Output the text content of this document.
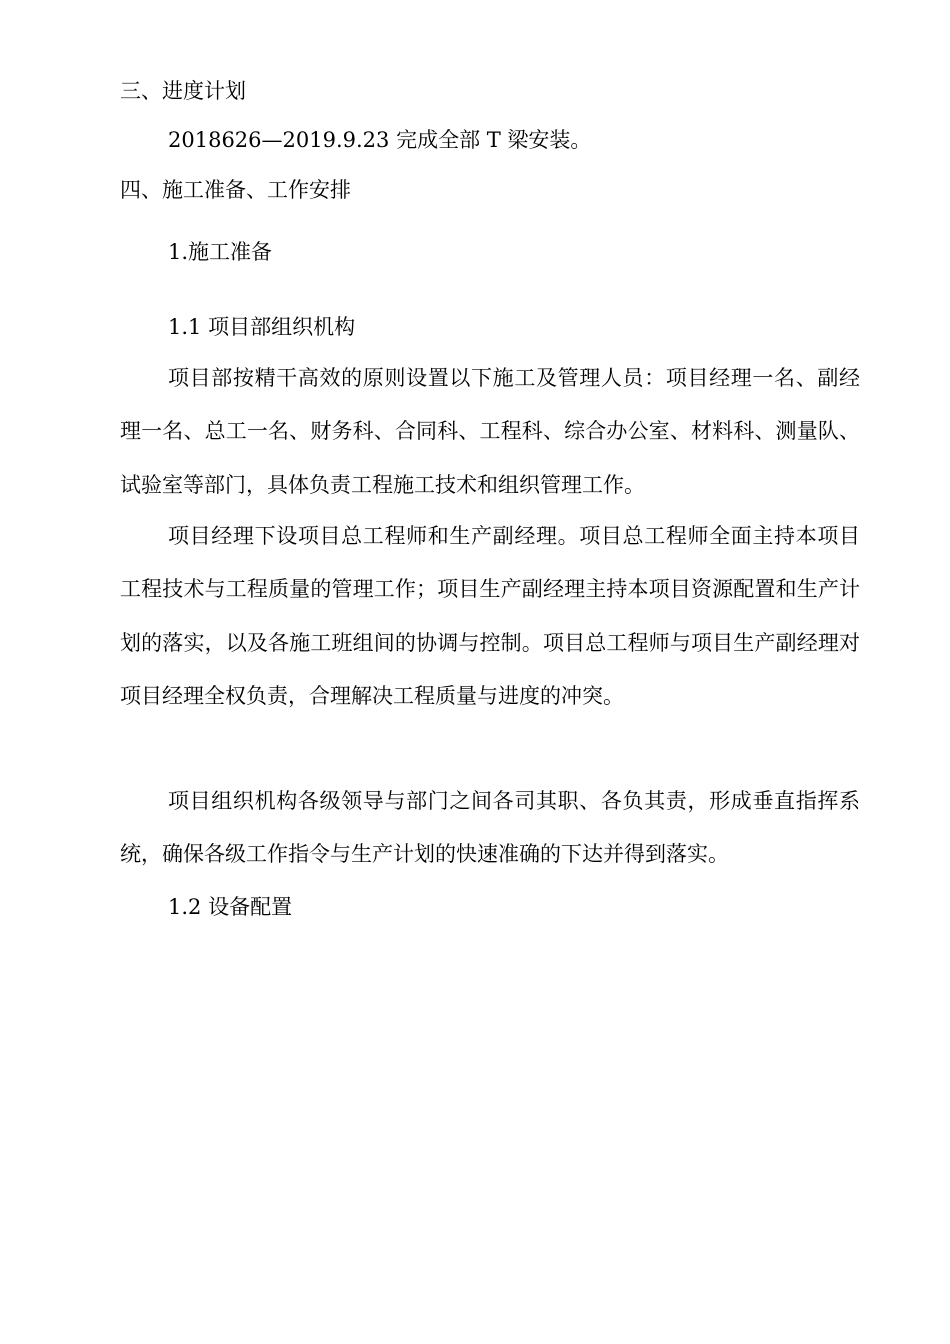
三、进度计划
2018626—2019.9.23 完成全部 T 梁安装。
四、施工准备、工作安排
1.施工准备
1.1 项目部组织机构

项目部按精干高效的原则设置以下施工及管理人员：项目经理一名、副经理一名、总工一名、财务科、合同科、工程科、综合办公室、材料科、测量队、试验室等部门，具体负责工程施工技术和组织管理工作。

项目经理下设项目总工程师和生产副经理。项目总工程师全面主持本项目工程技术与工程质量的管理工作；项目生产副经理主持本项目资源配置和生产计划的落实，以及各施工班组间的协调与控制。项目总工程师与项目生产副经理对项目经理全权负责，合理解决工程质量与进度的冲突。

项目组织机构各级领导与部门之间各司其职、各负其责，形成垂直指挥系统，确保各级工作指令与生产计划的快速准确的下达并得到落实。

1.2 设备配置
